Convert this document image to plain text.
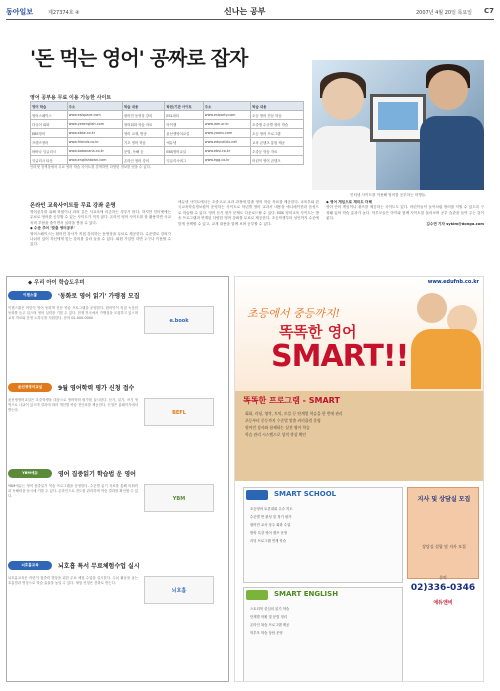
동아일보	제27374호 ④	신나는 공부	2007년 4월 20일 목요일 C7
'돈 먹는 영어' 공짜로 잡자
영어 공부용 무료 이용 가능한 사이트
영어 학습	주소	학습 내용	학원/기관 사이트	주소	학습 내용
영어스페이스	www.eslspace.com	원어민 동영상 강의	ESL파티	www.eslparty.com	초등 영어 전문 학습
다국어 회화	www.yesenglish.com	영어회화 학습 자료	아이잼	www.iam.or.kr	초중생 수준별 영어 학습
EBS영어	www.ebse.co.kr	영어 교재, 방송	윤선생영어교실	www.yoons.com	초등 영어 프로그램
프렌즈영어	www.friends.co.kr	기초 영어 학습	에듀넷	www.edunet4u.net	교육 콘텐츠 통합 제공
바바나 잉글리시	www.babanana.co.kr	문법, 독해 등	EBS영어교실	www.ebsi.co.kr	초중등 학습 자료
잉글리시 타운	www.englishtown.com	온라인 영어 강의	잉글리시에그	www.egg.co.kr	어린이 영어 콘텐츠
인터넷 검색창에서 무료 영어 학습 사이트를 검색하면 다양한 정보를 얻을 수 있다.
인터넷 사이트를 이용해 영어를 공부하는 학생들.
온라인 교육사이트들 무료 강좌 운영
영어공부를 위해 학원이나 과외 같은 사교육에 의존하는 경우가 많다. 하지만 인터넷에는 무료로 영어를 공부할 수 있는 사이트가 적지 않다. 온라인 영어 사이트를 잘 활용하면 사교육비 부담을 줄이면서 실력을 쌓을 수 있다.
◆ 수준 추어 '맞춤 영어공부'
영어스페이스는 원어민 강사가 직접 강의하는 동영상을 무료로 제공한다. 수준별로 강의가 나뉘어 있어 자신에게 맞는 강의를 골라 들을 수 있다. 회원 가입만 하면 누구나 이용할 수 있다.
에듀넷 사이트에서는 초중고교 교과 과정에 맞춘 영어 학습 자료를 제공한다. 교육부와 한국교육학술정보원이 운영하는 사이트로 학년별 영어 교과서 내용을 애니메이션과 음성으로 학습할 수 있다. 영어 듣기 평가 문제도 다운로드할 수 있다. EBS 영어교육 사이트는 방송 프로그램과 연계된 다양한 영어 강좌를 무료로 제공한다. 초등학생부터 성인까지 수준에 맞게 선택할 수 있고, 교재 내용을 함께 보며 공부할 수 있다.
◆ 영어 게임으로 재미도 더해
영어 단어 게임이나 퀴즈를 제공하는 사이트도 있다. 어린이들이 놀이처럼 영어를 익힐 수 있도록 구성돼 있어 학습 효과가 높다. 학부모들은 아이와 함께 사이트를 둘러보며 공부 습관을 들여 주는 것이 좋다.
김수연 기자 sykim@donga.com
◆ 우리 아이 학습도우미
이젠스쿨	'동화로 영어 읽기' 가맹점 모집
e.book
이젠스쿨은 어린이 영어 동화책 전문 학습 프로그램을 운영한다. 원어민이 직접 녹음한 동화를 듣고 읽으며 영어 실력을 기를 수 있다. 현재 전국에서 가맹점을 모집하고 있으며 교육 자료와 운영 노하우를 지원한다. 문의 02-000-0000
윤선생영어교실	9월 영어학력 평가 신청 접수
BEFL
윤선생영어교실은 초중학생을 대상으로 영어학력 평가를 실시한다. 듣기, 읽기, 쓰기 영역으로 나뉘어 있으며 결과에 따라 개인별 학습 진단표를 제공한다. 신청은 홈페이지에서 받는다.
YBM에듀	영어 집중읽기 학습법 운 영어
YBM
YBM에듀는 영어 집중읽기 학습 프로그램을 운영한다. 수준별 읽기 자료를 통해 어휘력과 독해력을 동시에 기를 수 있다. 온라인으로 진도를 관리하며 학습 결과를 확인할 수 있다.
뇌호흡교육	뇌호흡 특서 무료체험수업 실시
뇌호흡
뇌호흡교육은 어린이 집중력 향상을 위한 무료 체험 수업을 실시한다. 두뇌 활동을 돕는 호흡법과 명상으로 학습 효율을 높일 수 있다. 체험 신청은 전화로 받는다.
www.edufnb.co.kr
초등에서 중등까지!
똑똑한 영어
SMART!!
똑똑한 프로그램 - SMART
회화, 리딩, 영작, 토익, 토플 등 단계별 학습을 한 번에 관리
초등부터 중등까지 수준별 맞춤 커리큘럼 운영
원어민 강사와 함께하는 실전 영어 학습
학습 관리 시스템으로 성적 향상 확인
SMART SCHOOL
초등영어 토론대회 우수 지도
수준별 반 편성 및 정기 평가
원어민 교사 상주 회화 수업
방학 특강 영어 캠프 운영
리딩 프로그램 연계 학습
SMART ENGLISH
스토리북 중심의 읽기 학습
단계별 어휘 및 문법 정리
온라인 복습 프로그램 제공
학부모 학습 상담 운영
지사 및 상담실 모집
상담실 설립 및 지사 모집
문의
02)336-0346
에듀앤비
